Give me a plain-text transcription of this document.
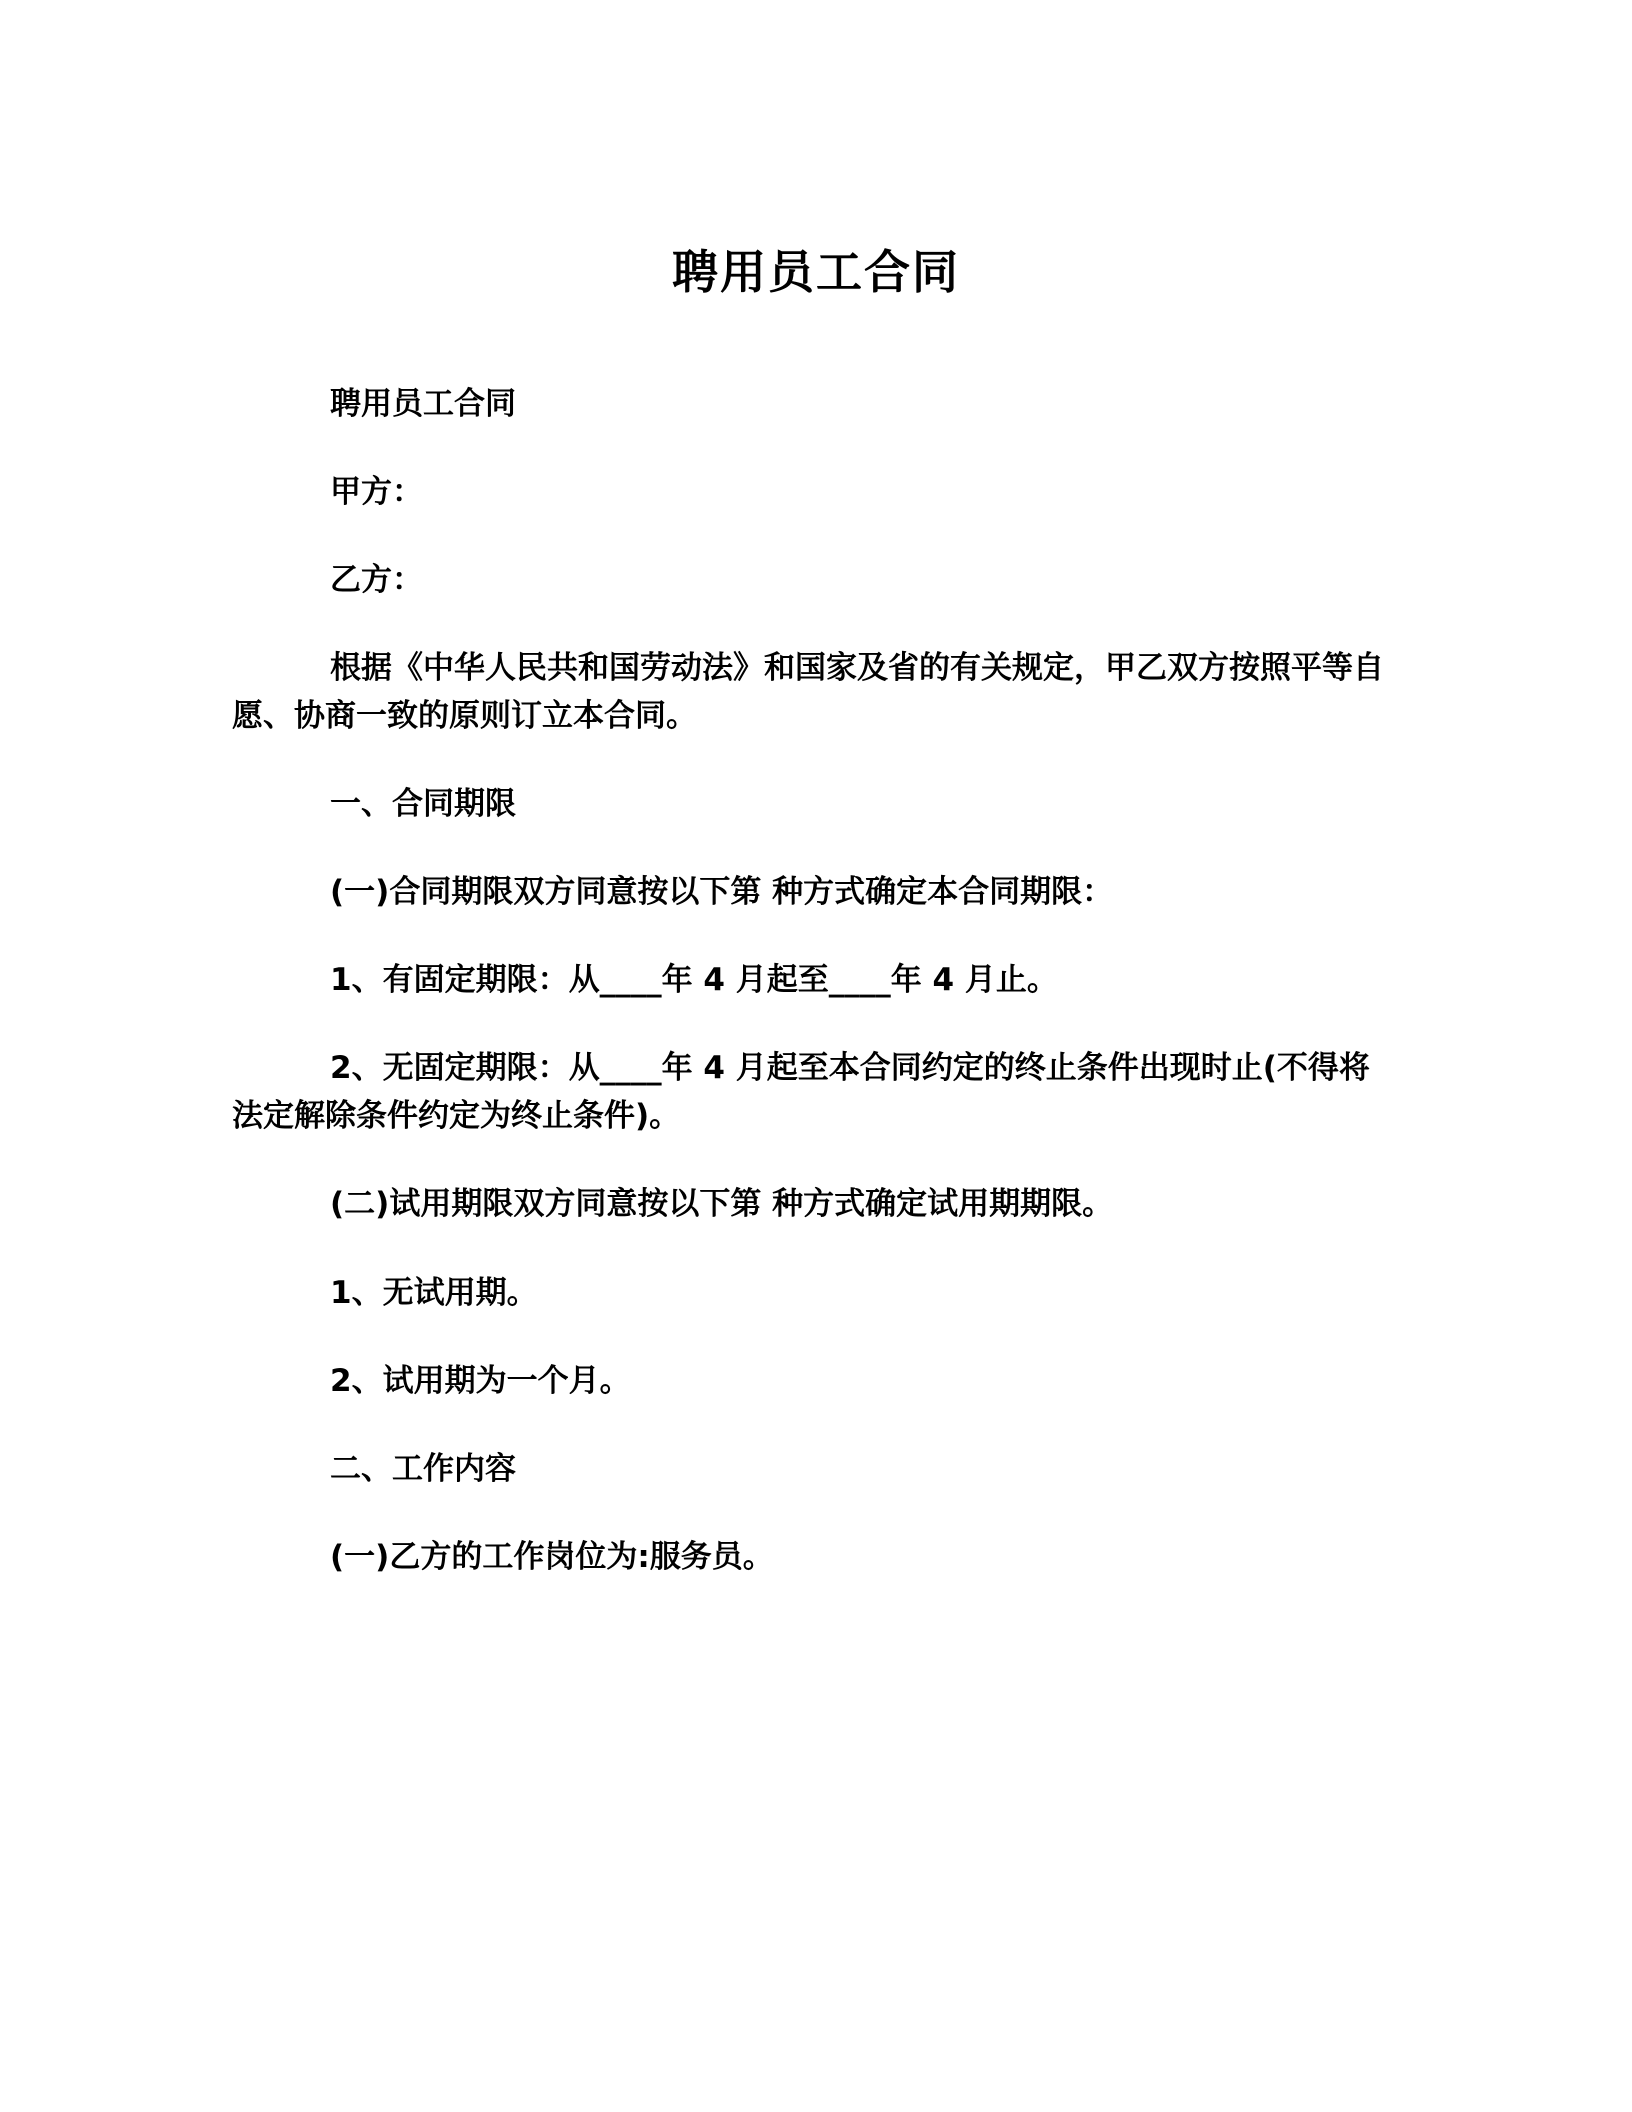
聘用员工合同

聘用员工合同

甲方：

乙方：

根据《中华人民共和国劳动法》和国家及省的有关规定，甲乙双方按照平等自愿、协商一致的原则订立本合同。

一、合同期限

(一)合同期限双方同意按以下第 种方式确定本合同期限：

1、有固定期限：从____年 4 月起至____年 4 月止。

2、无固定期限：从____年 4 月起至本合同约定的终止条件出现时止(不得将法定解除条件约定为终止条件)。

(二)试用期限双方同意按以下第 种方式确定试用期期限。

1、无试用期。

2、试用期为一个月。

二、工作内容

(一)乙方的工作岗位为:服务员。
